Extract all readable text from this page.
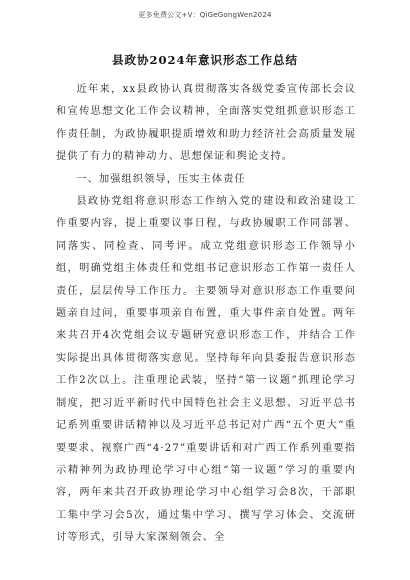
更多免费公文+V：QiGeGongWen2024
县政协2024年意识形态工作总结

近年来，xx县政协认真贯彻落实各级党委宣传部长会议和宣传思想文化工作会议精神，全面落实党组抓意识形态工作责任制，为政协履职提质增效和助力经济社会高质量发展提供了有力的精神动力、思想保证和舆论支持。

一、加强组织领导，压实主体责任

县政协党组将意识形态工作纳入党的建设和政治建设工作重要内容，提上重要议事日程，与政协履职工作同部署、同落实、同检查、同考评。成立党组意识形态工作领导小组，明确党组主体责任和党组书记意识形态工作第一责任人责任，层层传导工作压力。主要领导对意识形态工作重要问题亲自过问，重要事项亲自布置，重大事件亲自处置。两年来共召开4次党组会议专题研究意识形态工作，并结合工作实际提出具体贯彻落实意见。坚持每年向县委报告意识形态工作2次以上。注重理论武装，坚持“第一议题”抓理论学习制度，把习近平新时代中国特色社会主义思想、习近平总书记系列重要讲话精神以及习近平总书记对广西“五个更大”重要要求、视察广西“4·27”重要讲话和对广西工作系列重要指示精神列为政协理论学习中心组“第一议题”学习的重要内容，两年来共召开政协理论学习中心组学习会8次，干部职工集中学习会5次，通过集中学习、撰写学习体会、交流研讨等形式，引导大家深刻领会、全
